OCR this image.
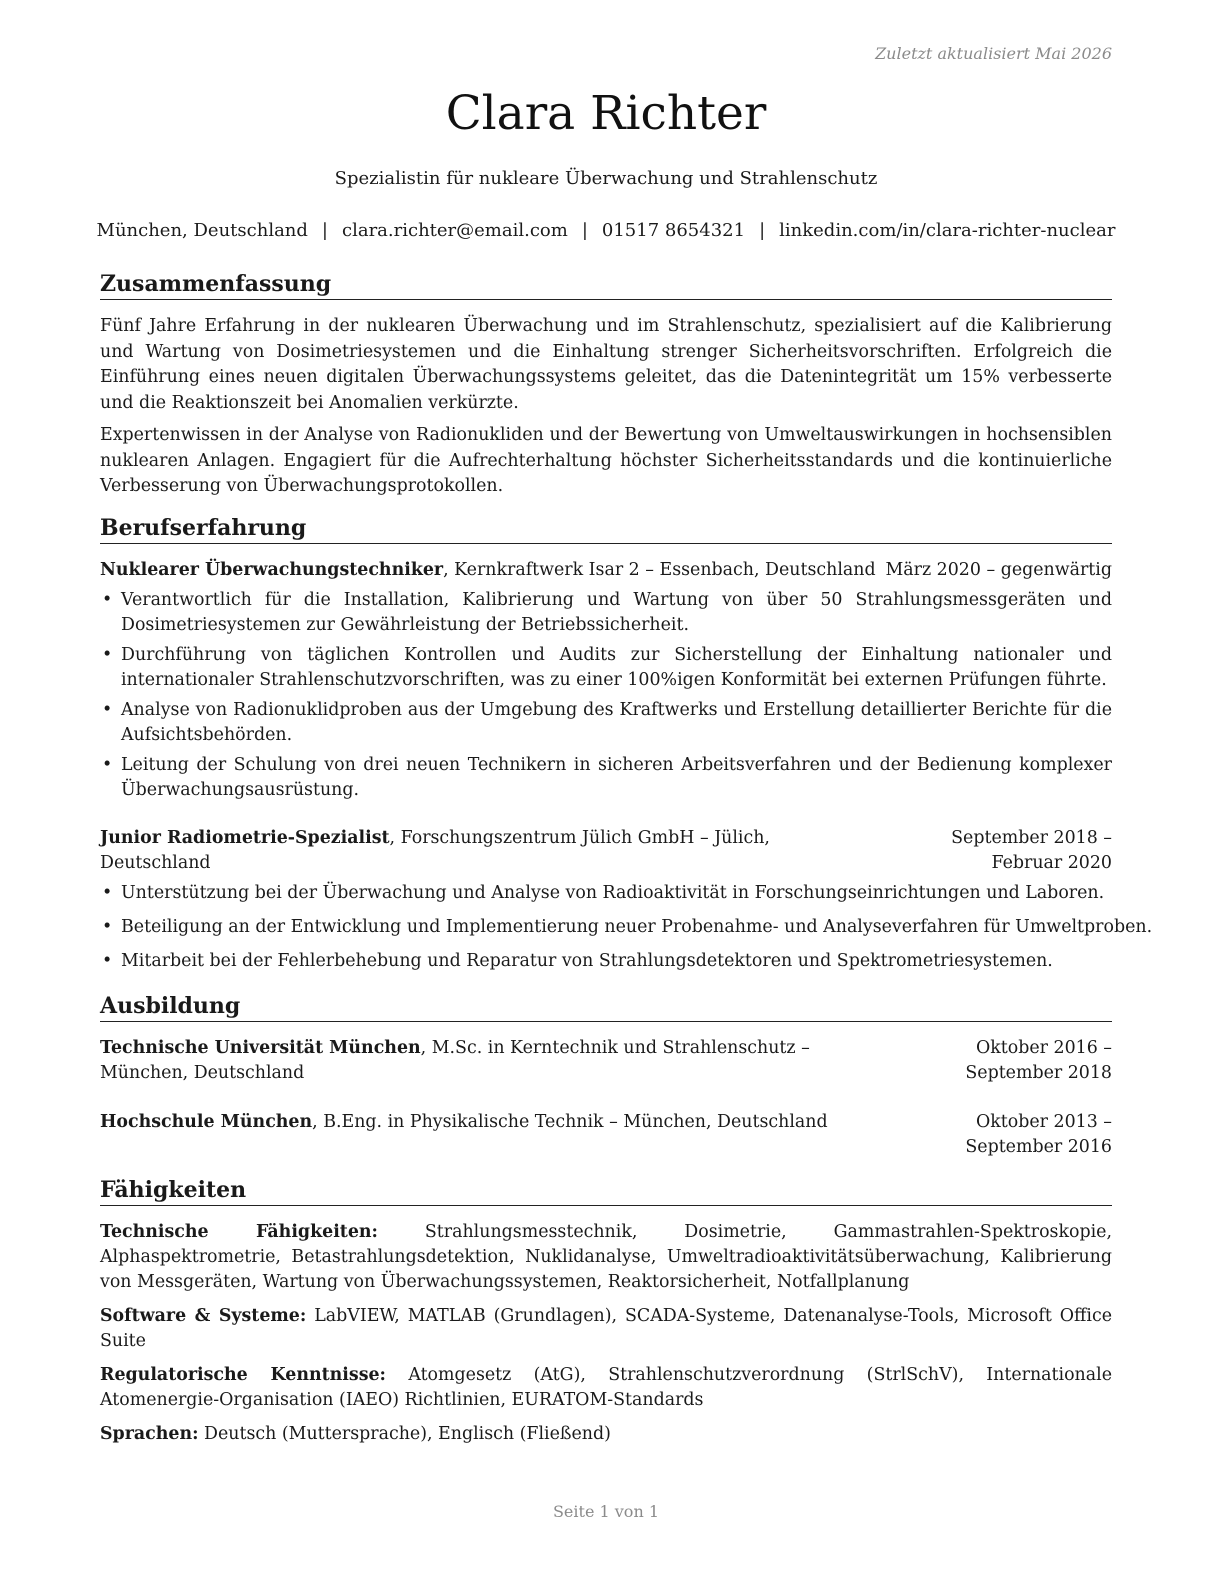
Zuletzt aktualisiert Mai 2026
Clara Richter
Spezialistin für nukleare Überwachung und Strahlenschutz
München, Deutschland | clara.richter@email.com | 01517 8654321 | linkedin.com/in/clara-richter-nuclear
Zusammenfassung

Fünf Jahre Erfahrung in der nuklearen Überwachung und im Strahlenschutz, spezialisiert auf die Kalibrierung und Wartung von Dosimetriesystemen und die Einhaltung strenger Sicherheitsvorschriften. Erfolgreich die Einführung eines neuen digitalen Überwachungssystems geleitet, das die Datenintegrität um 15% verbesserte und die Reaktionszeit bei Anomalien verkürzte.

Expertenwissen in der Analyse von Radionukliden und der Bewertung von Umweltauswirkungen in hochsensiblen nuklearen Anlagen. Engagiert für die Aufrechterhaltung höchster Sicherheitsstandards und die kontinuierliche Verbesserung von Überwachungsprotokollen.

Berufserfahrung
Nuklearer Überwachungstechniker, Kernkraftwerk Isar 2 – Essenbach, Deutschland März 2020 – gegenwärtig
• Verantwortlich für die Installation, Kalibrierung und Wartung von über 50 Strahlungsmessgeräten und Dosimetriesystemen zur Gewährleistung der Betriebssicherheit.
• Durchführung von täglichen Kontrollen und Audits zur Sicherstellung der Einhaltung nationaler und internationaler Strahlenschutzvorschriften, was zu einer 100%igen Konformität bei externen Prüfungen führte.
• Analyse von Radionuklidproben aus der Umgebung des Kraftwerks und Erstellung detaillierter Berichte für die Aufsichtsbehörden.
• Leitung der Schulung von drei neuen Technikern in sicheren Arbeitsverfahren und der Bedienung komplexer Überwachungsausrüstung.
Junior Radiometrie-Spezialist, Forschungszentrum Jülich GmbH – Jülich, Deutschland
September 2018 – Februar 2020
• Unterstützung bei der Überwachung und Analyse von Radioaktivität in Forschungseinrichtungen und Laboren.
• Beteiligung an der Entwicklung und Implementierung neuer Probenahme- und Analyseverfahren für Umweltproben.
• Mitarbeit bei der Fehlerbehebung und Reparatur von Strahlungsdetektoren und Spektrometriesystemen.
Ausbildung
Technische Universität München, M.Sc. in Kerntechnik und Strahlenschutz – München, Deutschland
Oktober 2016 – September 2018
Hochschule München, B.Eng. in Physikalische Technik – München, Deutschland	Oktober 2013 – September 2016
Fähigkeiten

Technische Fähigkeiten: Strahlungsmesstechnik, Dosimetrie, Gammastrahlen-Spektroskopie, Alphaspektrometrie, Betastrahlungsdetektion, Nuklidanalyse, Umweltradioaktivitätsüberwachung, Kalibrierung von Messgeräten, Wartung von Überwachungssystemen, Reaktorsicherheit, Notfallplanung

Software & Systeme: LabVIEW, MATLAB (Grundlagen), SCADA-Systeme, Datenanalyse-Tools, Microsoft Office Suite

Regulatorische Kenntnisse: Atomgesetz (AtG), Strahlenschutzverordnung (StrlSchV), Internationale Atomenergie-Organisation (IAEO) Richtlinien, EURATOM-Standards

Sprachen: Deutsch (Muttersprache), Englisch (Fließend)

Seite 1 von 1
